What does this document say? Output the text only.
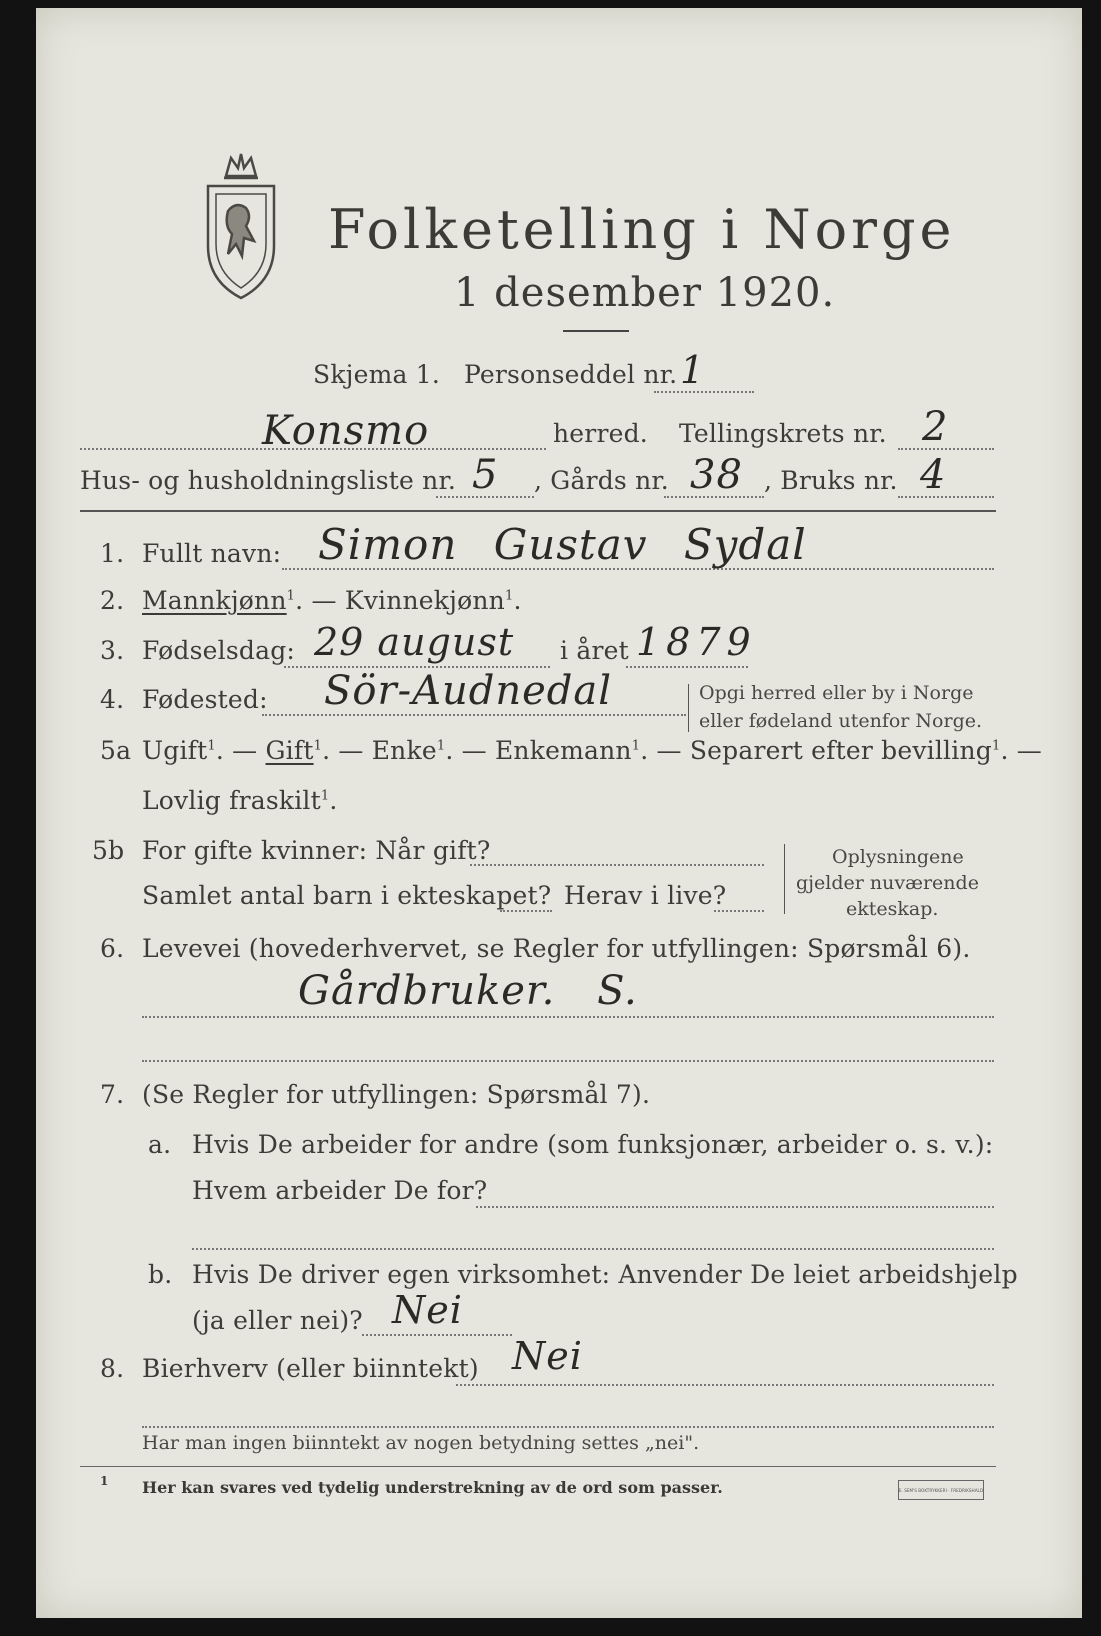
Folketelling i Norge
1 desember 1920.
Skjema 1. Personseddel nr. 1
Konsmo	herred. Tellingskrets nr. 2
Hus- og husholdningsliste nr. 5 , Gårds nr. 38 , Bruks nr. 4
1. Fullt navn: Simon Gustav Sydal
2. Mannkjønn$^1$. — Kvinnekjønn$^1$.
3. Fødselsdag: 29 august i året 1879
4. Fødested: Sör-Audnedal	Opgi herred eller by i Norge
eller fødeland utenfor Norge.
5a Ugift$^1$. — Gift$^1$. — Enke$^1$. — Enkemann$^1$. — Separert efter bevilling$^1$. —
Lovlig fraskilt$^1$.
5b For gifte kvinner: Når gift?
Samlet antal barn i ekteskapet? Herav i live?
Oplysningene
gjelder nuværende
ekteskap.
6. Levevei (hovederhvervet, se Regler for utfyllingen: Spørsmål 6).
Gårdbruker. S.
7. (Se Regler for utfyllingen: Spørsmål 7).
a. Hvis De arbeider for andre (som funksjonær, arbeider o. s. v.):
Hvem arbeider De for?
b. Hvis De driver egen virksomhet: Anvender De leiet arbeidshjelp
(ja eller nei)? Nei
8. Bierhverv (eller biinntekt) Nei
Har man ingen biinntekt av nogen betydning settes „nei".
1 Her kan svares ved tydelig understrekning av de ord som passer.	E. SEM'S BOKTRYKKERI · FREDRIKSHALD
